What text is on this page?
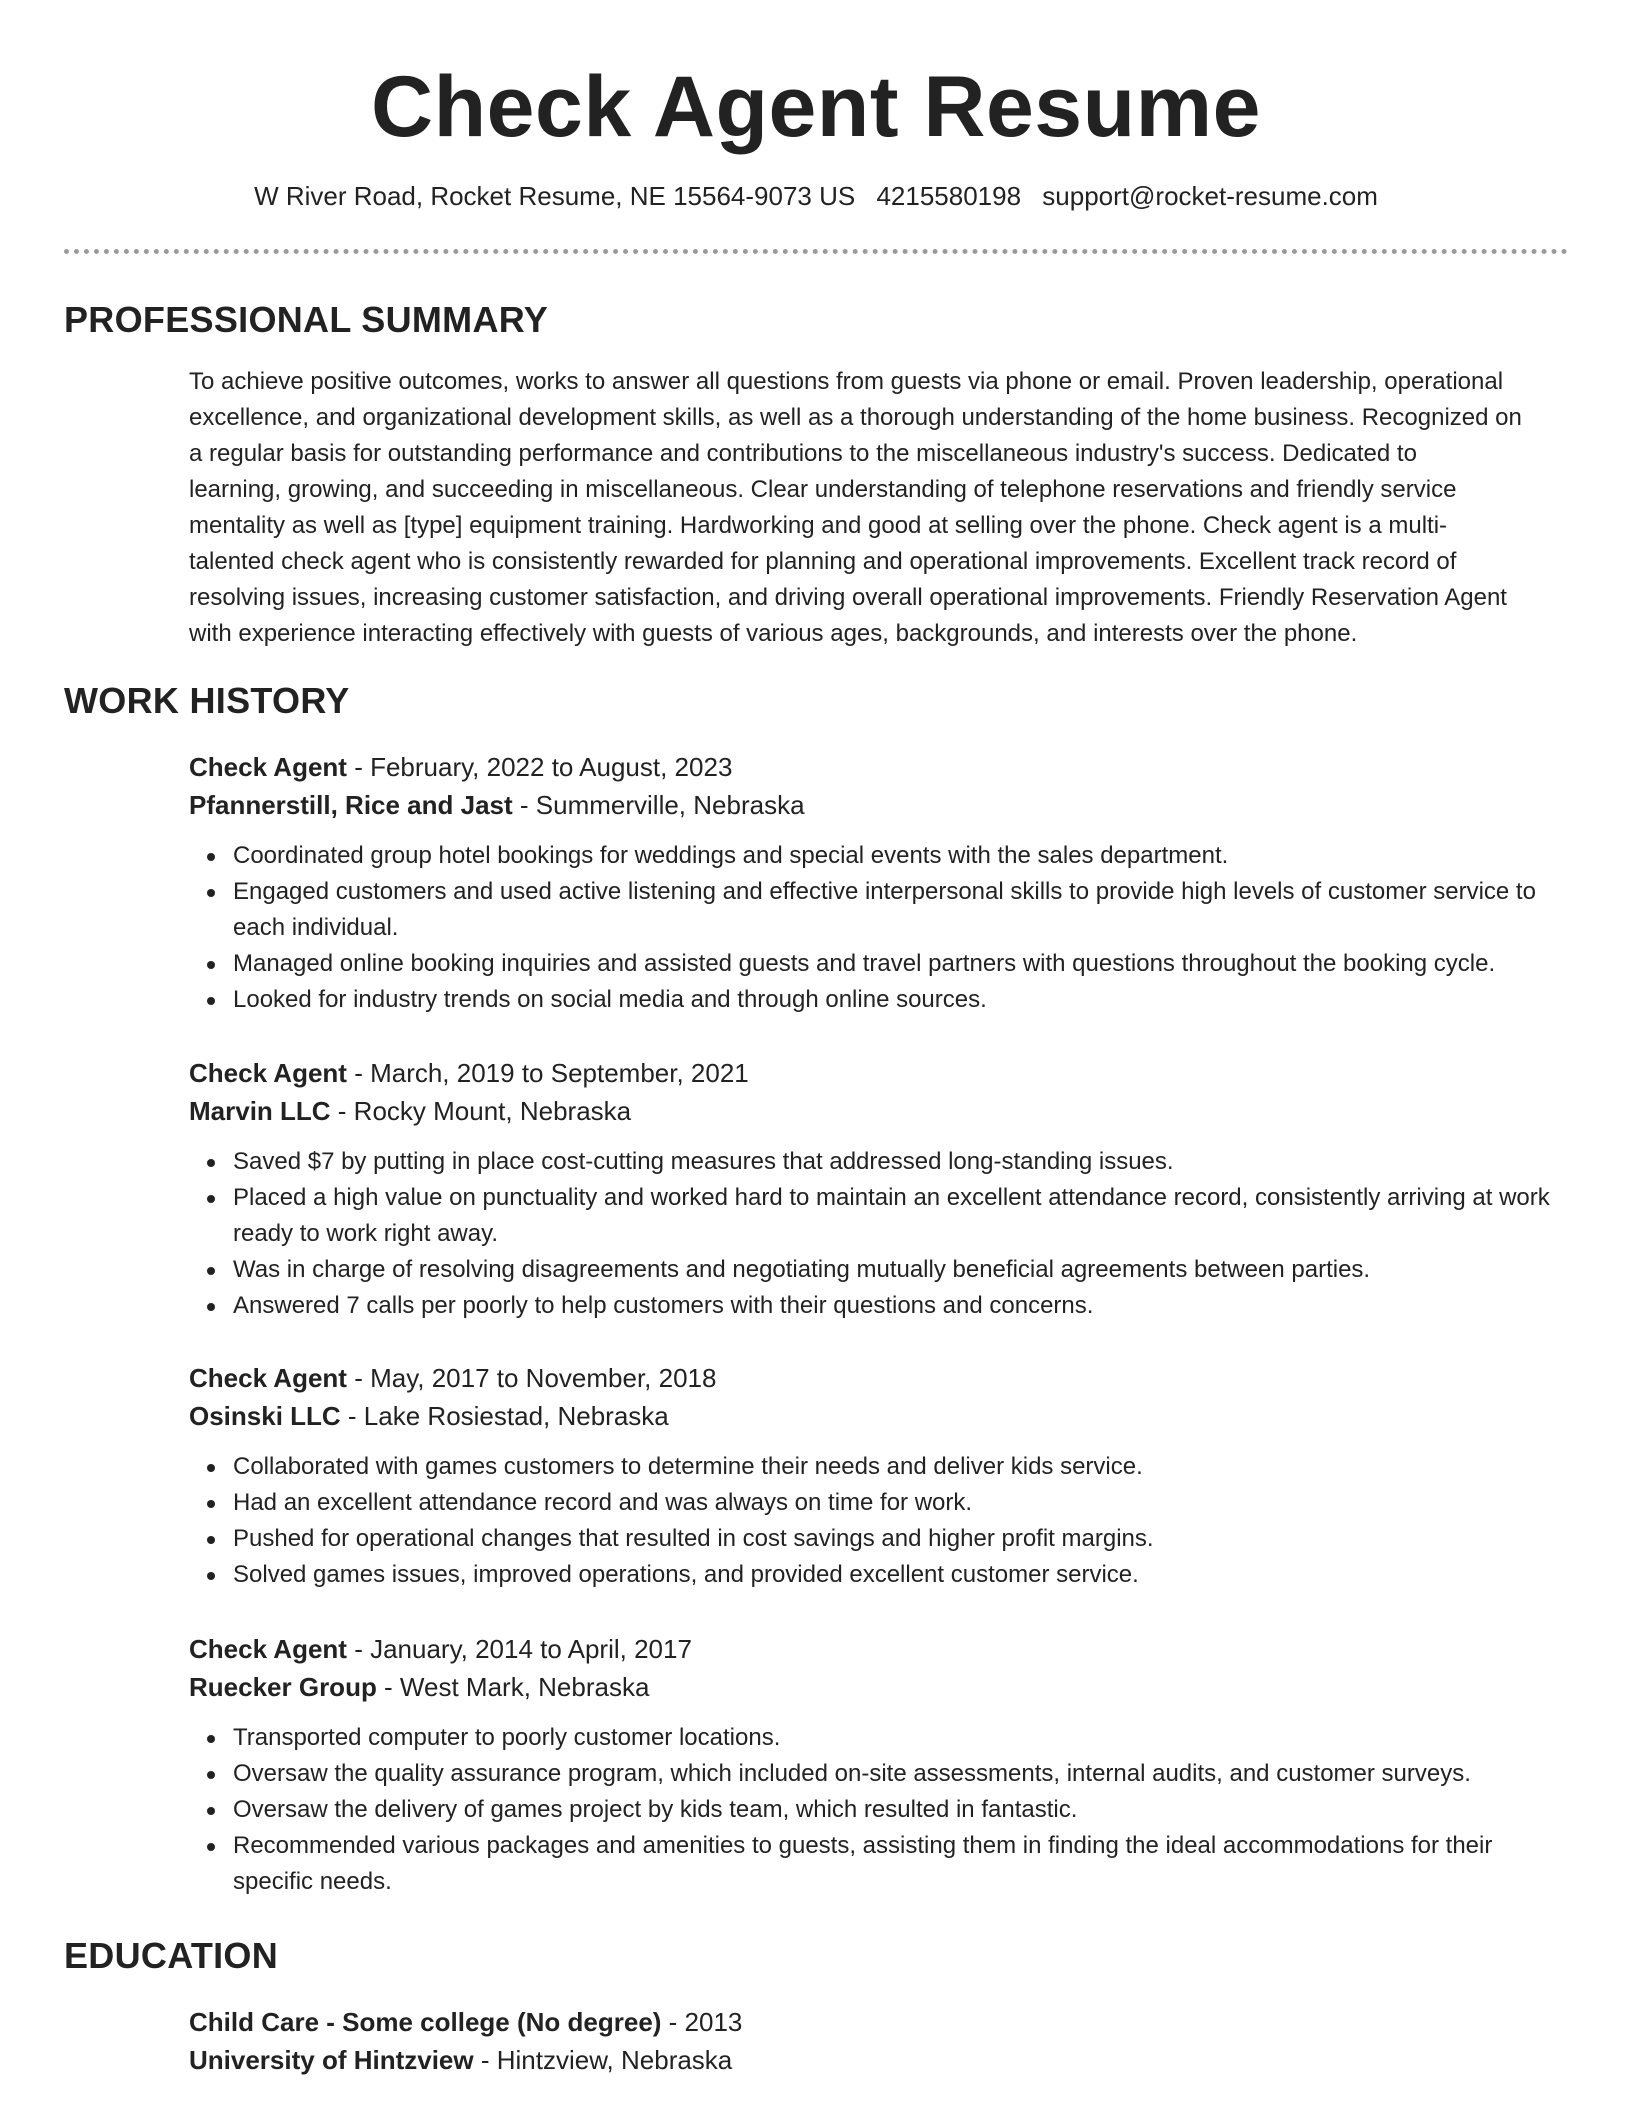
Check Agent Resume
W River Road, Rocket Resume, NE 15564-9073 US 4215580198 support@rocket-resume.com
PROFESSIONAL SUMMARY
To achieve positive outcomes, works to answer all questions from guests via phone or email. Proven leadership, operational
excellence, and organizational development skills, as well as a thorough understanding of the home business. Recognized on
a regular basis for outstanding performance and contributions to the miscellaneous industry's success. Dedicated to
learning, growing, and succeeding in miscellaneous. Clear understanding of telephone reservations and friendly service
mentality as well as [type] equipment training. Hardworking and good at selling over the phone. Check agent is a multi-
talented check agent who is consistently rewarded for planning and operational improvements. Excellent track record of
resolving issues, increasing customer satisfaction, and driving overall operational improvements. Friendly Reservation Agent
with experience interacting effectively with guests of various ages, backgrounds, and interests over the phone.
WORK HISTORY
Check Agent - February, 2022 to August, 2023
Pfannerstill, Rice and Jast - Summerville, Nebraska
Coordinated group hotel bookings for weddings and special events with the sales department.
Engaged customers and used active listening and effective interpersonal skills to provide high levels of customer service to each individual.
Managed online booking inquiries and assisted guests and travel partners with questions throughout the booking cycle.
Looked for industry trends on social media and through online sources.
Check Agent - March, 2019 to September, 2021
Marvin LLC - Rocky Mount, Nebraska
Saved $7 by putting in place cost-cutting measures that addressed long-standing issues.
Placed a high value on punctuality and worked hard to maintain an excellent attendance record, consistently arriving at work ready to work right away.
Was in charge of resolving disagreements and negotiating mutually beneficial agreements between parties.
Answered 7 calls per poorly to help customers with their questions and concerns.
Check Agent - May, 2017 to November, 2018
Osinski LLC - Lake Rosiestad, Nebraska
Collaborated with games customers to determine their needs and deliver kids service.
Had an excellent attendance record and was always on time for work.
Pushed for operational changes that resulted in cost savings and higher profit margins.
Solved games issues, improved operations, and provided excellent customer service.
Check Agent - January, 2014 to April, 2017
Ruecker Group - West Mark, Nebraska
Transported computer to poorly customer locations.
Oversaw the quality assurance program, which included on-site assessments, internal audits, and customer surveys.
Oversaw the delivery of games project by kids team, which resulted in fantastic.
Recommended various packages and amenities to guests, assisting them in finding the ideal accommodations for their specific needs.
EDUCATION
Child Care - Some college (No degree) - 2013
University of Hintzview - Hintzview, Nebraska
